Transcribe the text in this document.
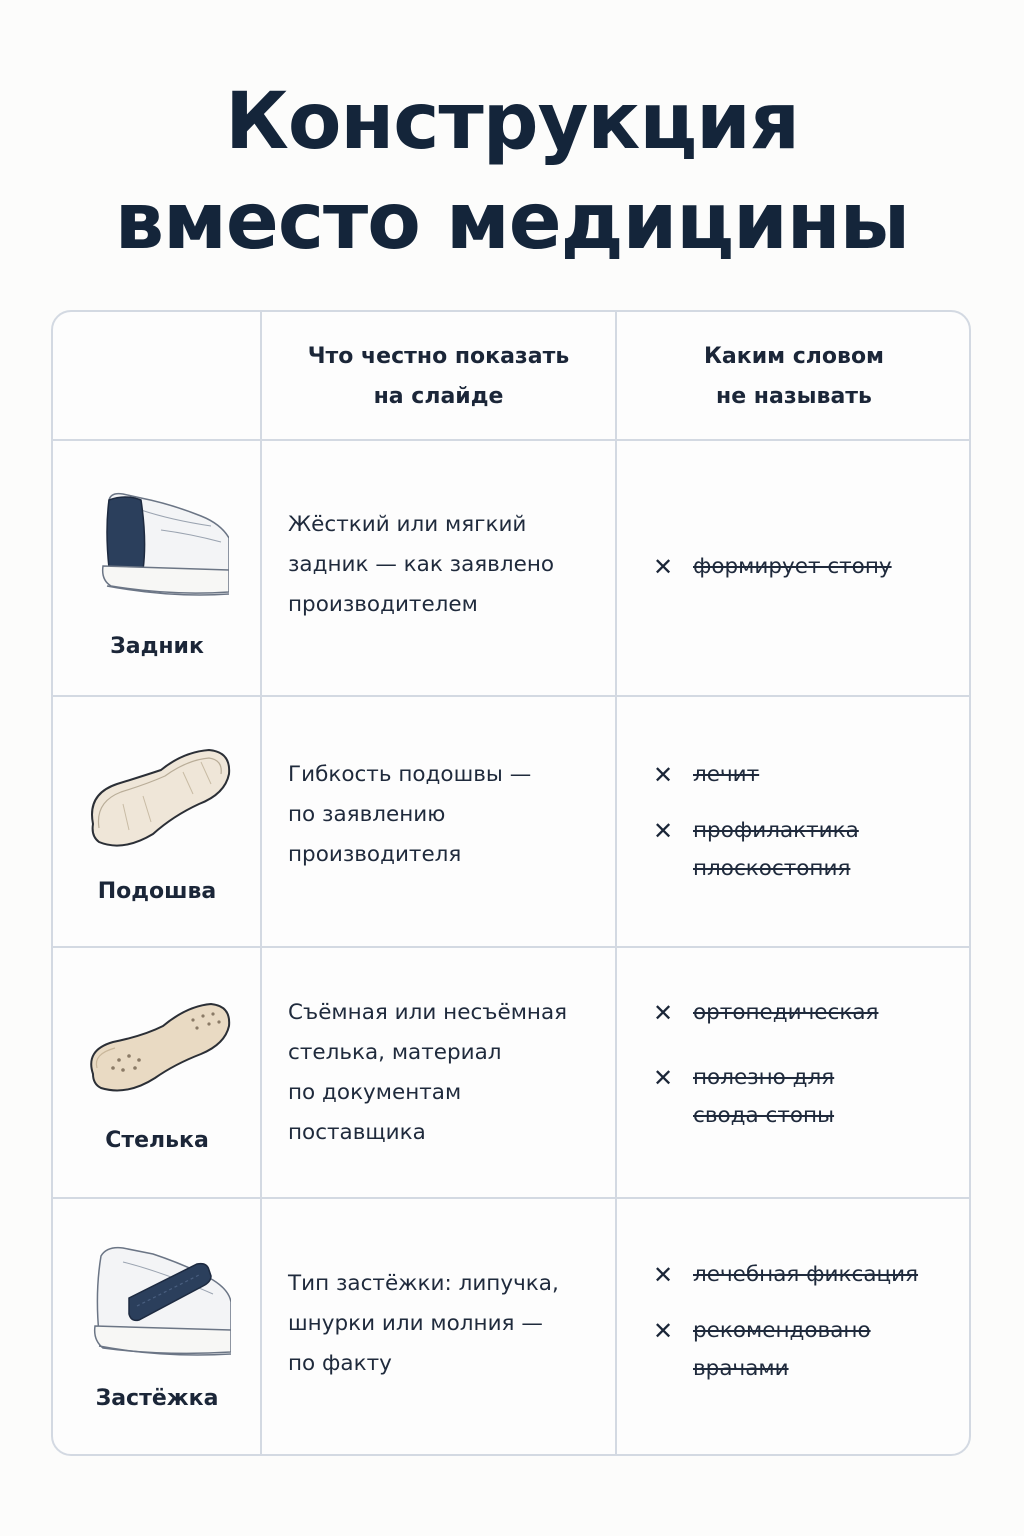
Конструкция
вместо медицины
Что честно показать
на слайде
Каким словом
не называть
Задник
Жёсткий или мягкий
задник — как заявлено
производителем
✕ формирует стопу
Подошва
Гибкость подошвы —
по заявлению
производителя
✕ лечит
✕ профилактика
плоскостопия
Стелька
Съёмная или несъёмная
стелька, материал
по документам
поставщика
✕ ортопедическая
✕ полезно для
свода стопы
Застёжка
Тип застёжки: липучка,
шнурки или молния —
по факту
✕ лечебная фиксация
✕ рекомендовано
врачами
